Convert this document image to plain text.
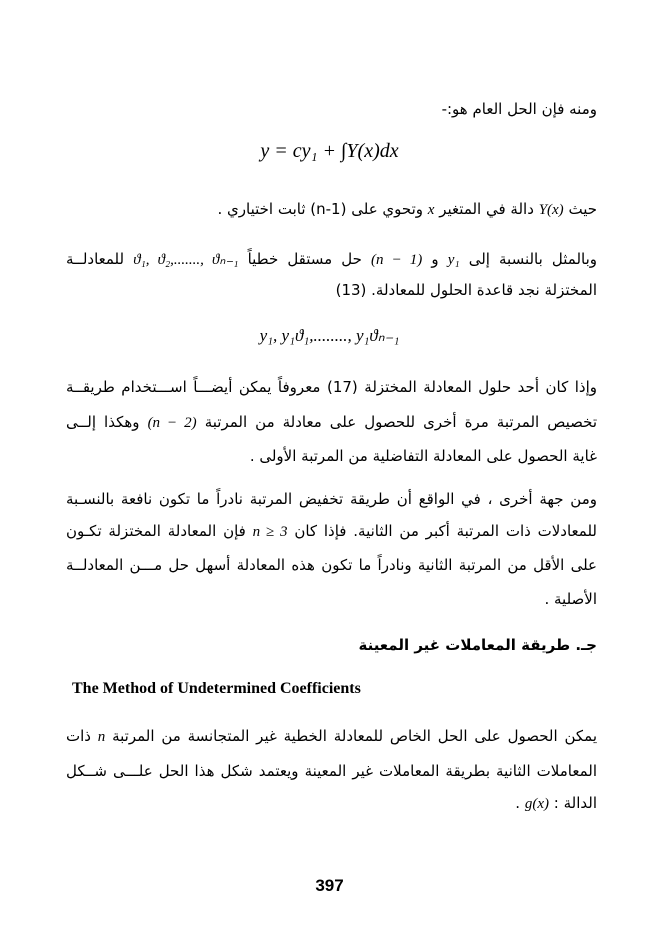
ومنه فإن الحل العام هو:-
y = cy₁ + ∫Y(x)dx
حيث Y(x) دالة في المتغير x وتحوي على (n-1) ثابت اختياري .
وبالمثل بالنسبة إلى y₁ و (n − 1) حل مستقل خطياً ϑ₁, ϑ₂,......., ϑₙ₋₁ للمعادلــة
المختزلة نجد قاعدة الحلول للمعادلة. (13)
y₁, y₁ϑ₁,........, y₁ϑₙ₋₁
وإذا كان أحد حلول المعادلة المختزلة (17) معروفاً يمكن أيضـــاً اســـتخدام طريقــة
تخصيص المرتبة مرة أخرى للحصول على معادلة من المرتبة (n − 2) وهكذا إلــى
غاية الحصول على المعادلة التفاضلية من المرتبة الأولى .
ومن جهة أخرى ، في الواقع أن طريقة تخفيض المرتبة نادراً ما تكون نافعة بالنسـبة
للمعادلات ذات المرتبة أكبر من الثانية. فإذا كان n ≥ 3 فإن المعادلة المختزلة تكـون
على الأقل من المرتبة الثانية ونادراً ما تكون هذه المعادلة أسهل حل مـــن المعادلــة
الأصلية .
جـ. طريقة المعاملات غير المعينة
The Method of Undetermined Coefficients
يمكن الحصول على الحل الخاص للمعادلة الخطية غير المتجانسة من المرتبة n ذات
المعاملات الثانية بطريقة المعاملات غير المعينة ويعتمد شكل هذا الحل علـــى شــكل
الدالة : g(x) .
397
